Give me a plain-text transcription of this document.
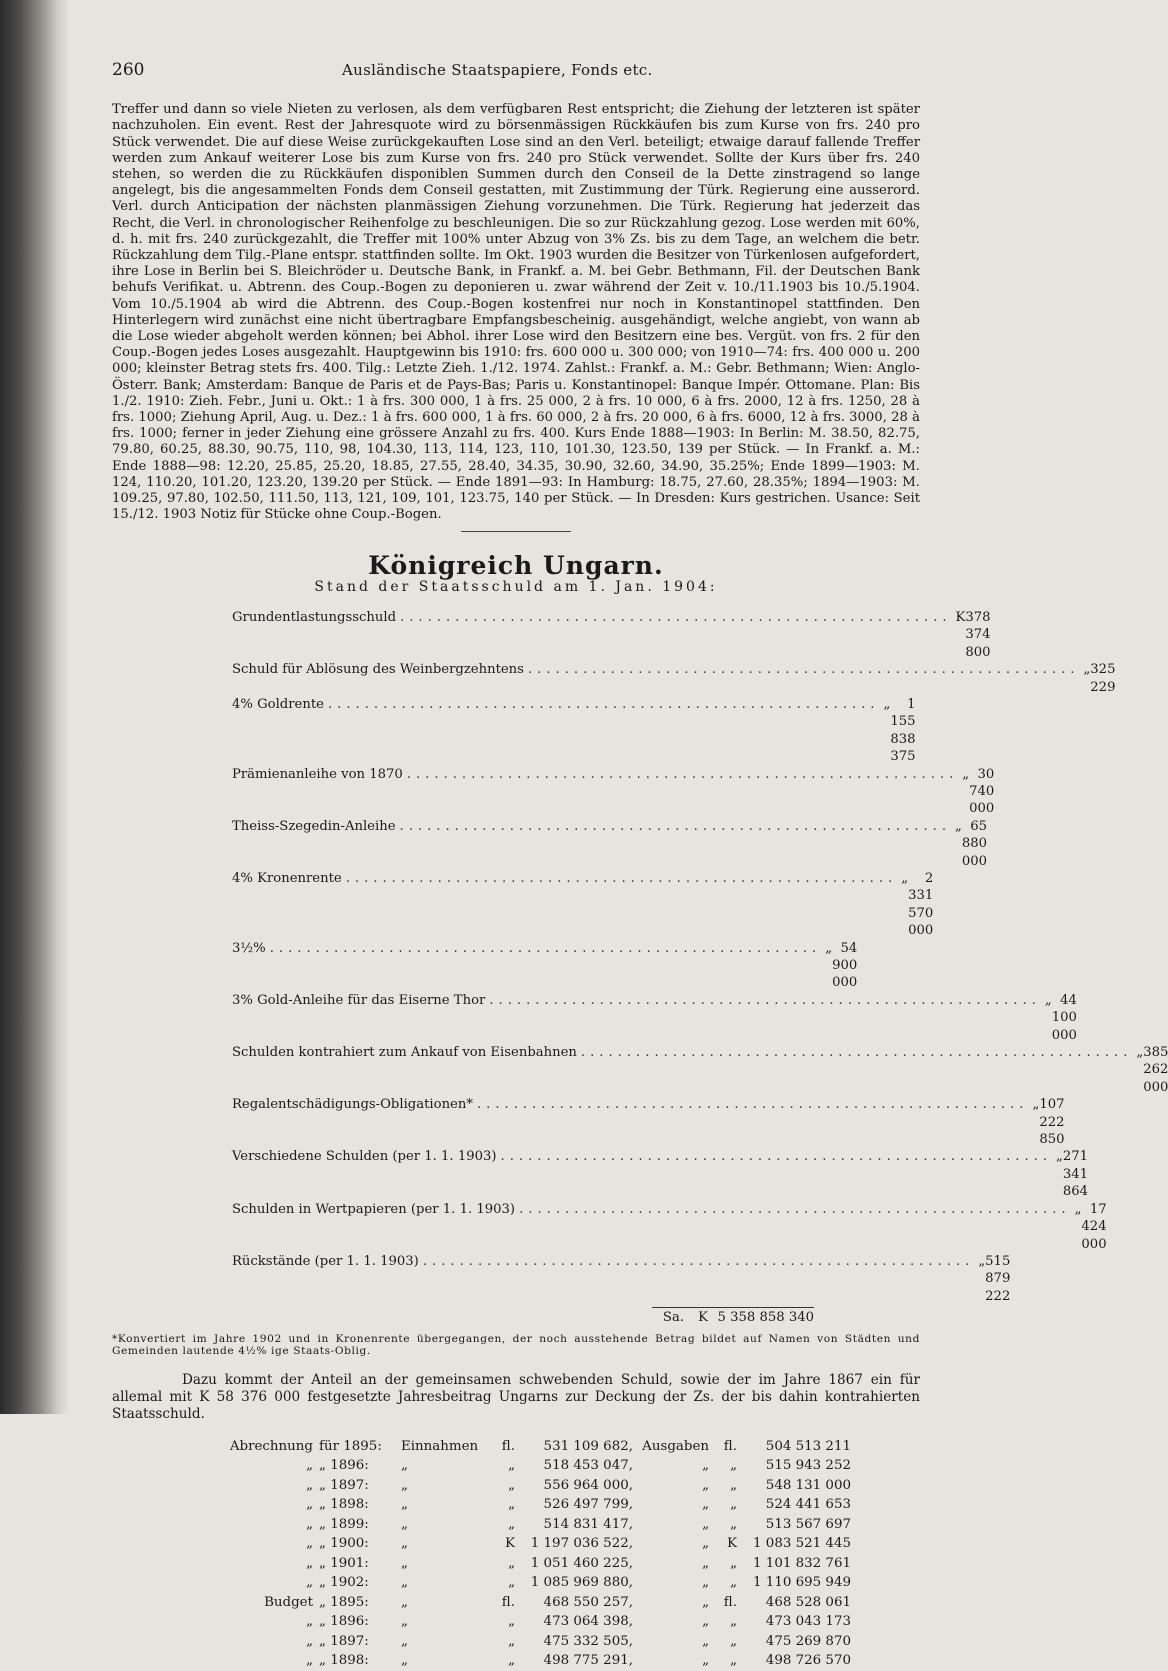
260	Ausländische Staatspapiere, Fonds etc.

Treffer und dann so viele Nieten zu verlosen, als dem verfügbaren Rest entspricht; die Ziehung der letzteren ist später nachzuholen. Ein event. Rest der Jahresquote wird zu börsenmässigen Rückkäufen bis zum Kurse von frs. 240 pro Stück verwendet. Die auf diese Weise zurückgekauften Lose sind an den Verl. beteiligt; etwaige darauf fallende Treffer werden zum Ankauf weiterer Lose bis zum Kurse von frs. 240 pro Stück verwendet. Sollte der Kurs über frs. 240 stehen, so werden die zu Rückkäufen disponiblen Summen durch den Conseil de la Dette zinstragend so lange angelegt, bis die angesammelten Fonds dem Conseil gestatten, mit Zustimmung der Türk. Regierung eine ausserord. Verl. durch Anticipation der nächsten planmässigen Ziehung vorzunehmen. Die Türk. Regierung hat jederzeit das Recht, die Verl. in chronologischer Reihenfolge zu beschleunigen. Die so zur Rückzahlung gezog. Lose werden mit 60%, d. h. mit frs. 240 zurückgezahlt, die Treffer mit 100% unter Abzug von 3% Zs. bis zu dem Tage, an welchem die betr. Rückzahlung dem Tilg.-Plane entspr. stattfinden sollte. Im Okt. 1903 wurden die Besitzer von Türkenlosen aufgefordert, ihre Lose in Berlin bei S. Bleichröder u. Deutsche Bank, in Frankf. a. M. bei Gebr. Bethmann, Fil. der Deutschen Bank behufs Verifikat. u. Abtrenn. des Coup.-Bogen zu deponieren u. zwar während der Zeit v. 10./11.1903 bis 10./5.1904. Vom 10./5.1904 ab wird die Abtrenn. des Coup.-Bogen kostenfrei nur noch in Konstantinopel stattfinden. Den Hinterlegern wird zunächst eine nicht übertragbare Empfangsbescheinig. ausgehändigt, welche angiebt, von wann ab die Lose wieder abgeholt werden können; bei Abhol. ihrer Lose wird den Besitzern eine bes. Vergüt. von frs. 2 für den Coup.-Bogen jedes Loses ausgezahlt. Hauptgewinn bis 1910: frs. 600 000 u. 300 000; von 1910—74: frs. 400 000 u. 200 000; kleinster Betrag stets frs. 400. Tilg.: Letzte Zieh. 1./12. 1974. Zahlst.: Frankf. a. M.: Gebr. Bethmann; Wien: Anglo-Österr. Bank; Amsterdam: Banque de Paris et de Pays-Bas; Paris u. Konstantinopel: Banque Impér. Ottomane. Plan: Bis 1./2. 1910: Zieh. Febr., Juni u. Okt.: 1 à frs. 300 000, 1 à frs. 25 000, 2 à frs. 10 000, 6 à frs. 2000, 12 à frs. 1250, 28 à frs. 1000; Ziehung April, Aug. u. Dez.: 1 à frs. 600 000, 1 à frs. 60 000, 2 à frs. 20 000, 6 à frs. 6000, 12 à frs. 3000, 28 à frs. 1000; ferner in jeder Ziehung eine grössere Anzahl zu frs. 400. Kurs Ende 1888—1903: In Berlin: M. 38.50, 82.75, 79.80, 60.25, 88.30, 90.75, 110, 98, 104.30, 113, 114, 123, 110, 101.30, 123.50, 139 per Stück. — In Frankf. a. M.: Ende 1888—98: 12.20, 25.85, 25.20, 18.85, 27.55, 28.40, 34.35, 30.90, 32.60, 34.90, 35.25%; Ende 1899—1903: M. 124, 110.20, 101.20, 123.20, 139.20 per Stück. — Ende 1891—93: In Hamburg: 18.75, 27.60, 28.35%; 1894—1903: M. 109.25, 97.80, 102.50, 111.50, 113, 121, 109, 101, 123.75, 140 per Stück. — In Dresden: Kurs gestrichen. Usance: Seit 15./12. 1903 Notiz für Stücke ohne Coup.-Bogen.

Königreich Ungarn.
Stand der Staatsschuld am 1. Jan. 1904:
Grundentlastungsschuld ............................................................ K 378 374 800
Schuld für Ablösung des Weinbergzehntens ............................................................ „ 325 229
4% Goldrente ............................................................ „	1 155 838 375
Prämienanleihe von 1870 ............................................................ „ 30 740 000
Theiss-Szegedin-Anleihe ............................................................ „ 65 880 000
4% Kronenrente ............................................................ „	2 331 570 000
3½% ............................................................ „ 54 900 000
3% Gold-Anleihe für das Eiserne Thor ............................................................ „ 44 100 000
Schulden kontrahiert zum Ankauf von Eisenbahnen ............................................................ „ 385 262 000
Regalentschädigungs-Obligationen* ............................................................ „ 107 222 850
Verschiedene Schulden (per 1. 1. 1903) ............................................................ „ 271 341 864
Schulden in Wertpapieren (per 1. 1. 1903) ............................................................ „ 17 424 000
Rückstände (per 1. 1. 1903) ............................................................ „ 515 879 222
Sa.	K 5 358 858 340

*Konvertiert im Jahre 1902 und in Kronenrente übergegangen, der noch ausstehende Betrag bildet auf Namen von Städten und Gemeinden lautende 4½% ige Staats-Oblig.

Dazu kommt der Anteil an der gemeinsamen schwebenden Schuld, sowie der im Jahre 1867 ein für allemal mit K 58 376 000 festgesetzte Jahresbeitrag Ungarns zur Deckung der Zs. der bis dahin kontrahierten Staatsschuld.

Abrechnung für 1895:	Einnahmen	fl.	531 109 682, Ausgaben	fl.	504 513 211
„ „ 1896:	„	„	518 453 047,	„	„	515 943 252
„ „ 1897:	„	„	556 964 000,	„	„	548 131 000
„ „ 1898:	„	„	526 497 799,	„	„	524 441 653
„ „ 1899:	„	„	514 831 417,	„	„	513 567 697
„ „ 1900:	„	K	1 197 036 522,	„	K	1 083 521 445
„ „ 1901:	„	„	1 051 460 225,	„	„	1 101 832 761
„ „ 1902:	„	„	1 085 969 880,	„	„	1 110 695 949
Budget „ 1895:	„	fl.	468 550 257,	„	fl.	468 528 061
„ „ 1896:	„	„	473 064 398,	„	„	473 043 173
„ „ 1897:	„	„	475 332 505,	„	„	475 269 870
„ „ 1898:	„	„	498 775 291,	„	„	498 726 570
